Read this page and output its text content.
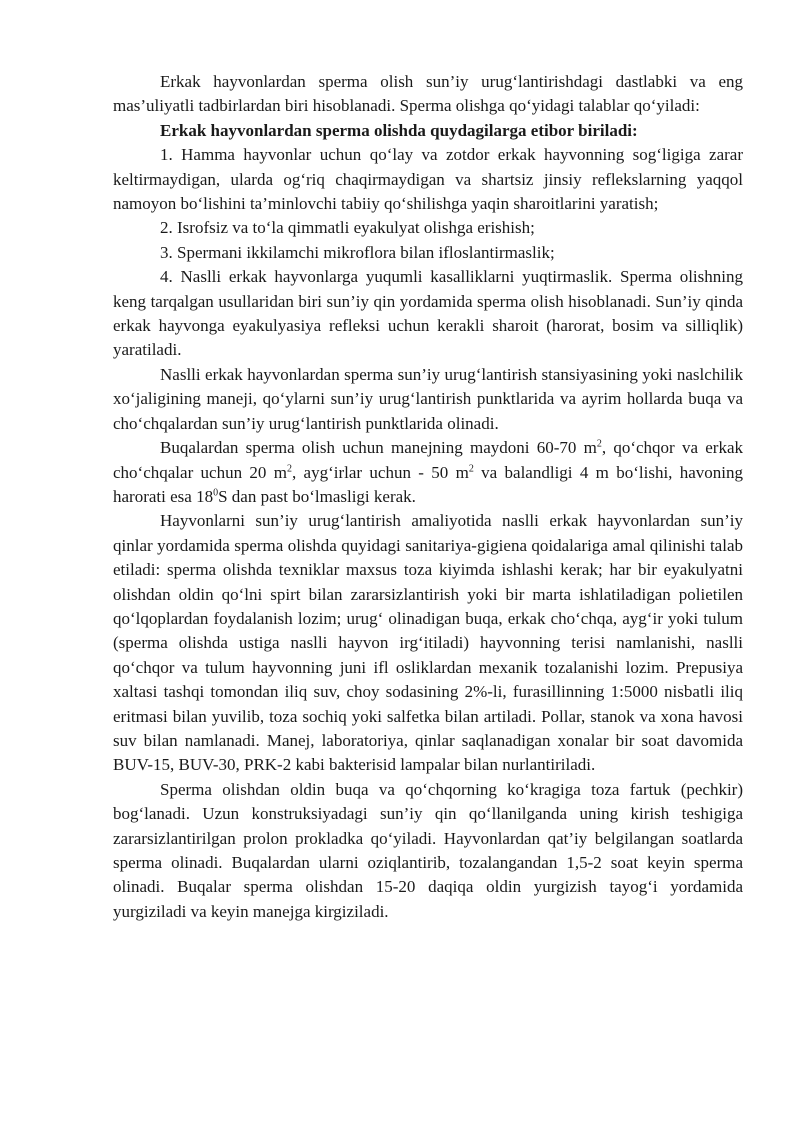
Erkak hayvonlardan sperma olish sun’iy urug‘lantirishdagi dastlabki va eng mas’uliyatli tadbirlardan biri hisoblanadi. Sperma olishga qo‘yidagi talablar qo‘yiladi:

Erkak hayvonlardan sperma olishda quydagilarga etibor biriladi:

1. Hamma hayvonlar uchun qo‘lay va zotdor erkak hayvonning sog‘ligiga zarar keltirmaydigan, ularda og‘riq chaqirmaydigan va shartsiz jinsiy reflekslarning yaqqol namoyon bo‘lishini ta’minlovchi tabiiy qo‘shilishga yaqin sharoitlarini yaratish;

2. Isrofsiz va to‘la qimmatli eyakulyat olishga erishish;

3. Spermani ikkilamchi mikroflora bilan ifloslantirmaslik;

4. Naslli erkak hayvonlarga yuqumli kasalliklarni yuqtirmaslik. Sperma olishning keng tarqalgan usullaridan biri sun’iy qin yordamida sperma olish hisoblanadi. Sun’iy qinda erkak hayvonga eyakulyasiya refleksi uchun kerakli sharoit (harorat, bosim va silliqlik) yaratiladi.

Naslli erkak hayvonlardan sperma sun’iy urug‘lantirish stansiyasining yoki naslchilik xo‘jaligining maneji, qo‘ylarni sun’iy urug‘lantirish punktlarida va ayrim hollarda buqa va cho‘chqalardan sun’iy urug‘lantirish punktlarida olinadi.

Buqalardan sperma olish uchun manejning maydoni 60-70 $m^2$, qo‘chqor va erkak cho‘chqalar uchun 20 $m^2$, ayg‘irlar uchun - 50 $m^2$ va balandligi 4 m bo‘lishi, havoning harorati esa $18^0S$ dan past bo‘lmasligi kerak.

Hayvonlarni sun’iy urug‘lantirish amaliyotida naslli erkak hayvonlardan sun’iy qinlar yordamida sperma olishda quyidagi sanitariya-gigiena qoidalariga amal qilinishi talab etiladi: sperma olishda texniklar maxsus toza kiyimda ishlashi kerak; har bir eyakulyatni olishdan oldin qo‘lni spirt bilan zararsizlantirish yoki bir marta ishlatiladigan polietilen qo‘lqoplardan foydalanish lozim; urug‘ olinadigan buqa, erkak cho‘chqa, ayg‘ir yoki tulum (sperma olishda ustiga naslli hayvon irg‘itiladi) hayvonning terisi namlanishi, naslli qo‘chqor va tulum hayvonning juni ifl osliklardan mexanik tozalanishi lozim. Prepusiya xaltasi tashqi tomondan iliq suv, choy sodasining 2%-li, furasillinning 1:5000 nisbatli iliq eritmasi bilan yuvilib, toza sochiq yoki salfetka bilan artiladi. Pollar, stanok va xona havosi suv bilan namlanadi. Manej, laboratoriya, qinlar saqlanadigan xonalar bir soat davomida BUV-15, BUV-30, PRK-2 kabi bakterisid lampalar bilan nurlantiriladi.

Sperma olishdan oldin buqa va qo‘chqorning ko‘kragiga toza fartuk (pechkir) bog‘lanadi. Uzun konstruksiyadagi sun’iy qin qo‘llanilganda uning kirish teshigiga zararsizlantirilgan prolon prokladka qo‘yiladi. Hayvonlardan qat’iy belgilangan soatlarda sperma olinadi. Buqalardan ularni oziqlantirib, tozalangandan 1,5-2 soat keyin sperma olinadi. Buqalar sperma olishdan 15-20 daqiqa oldin yurgizish tayog‘i yordamida yurgiziladi va keyin manejga kirgiziladi.
